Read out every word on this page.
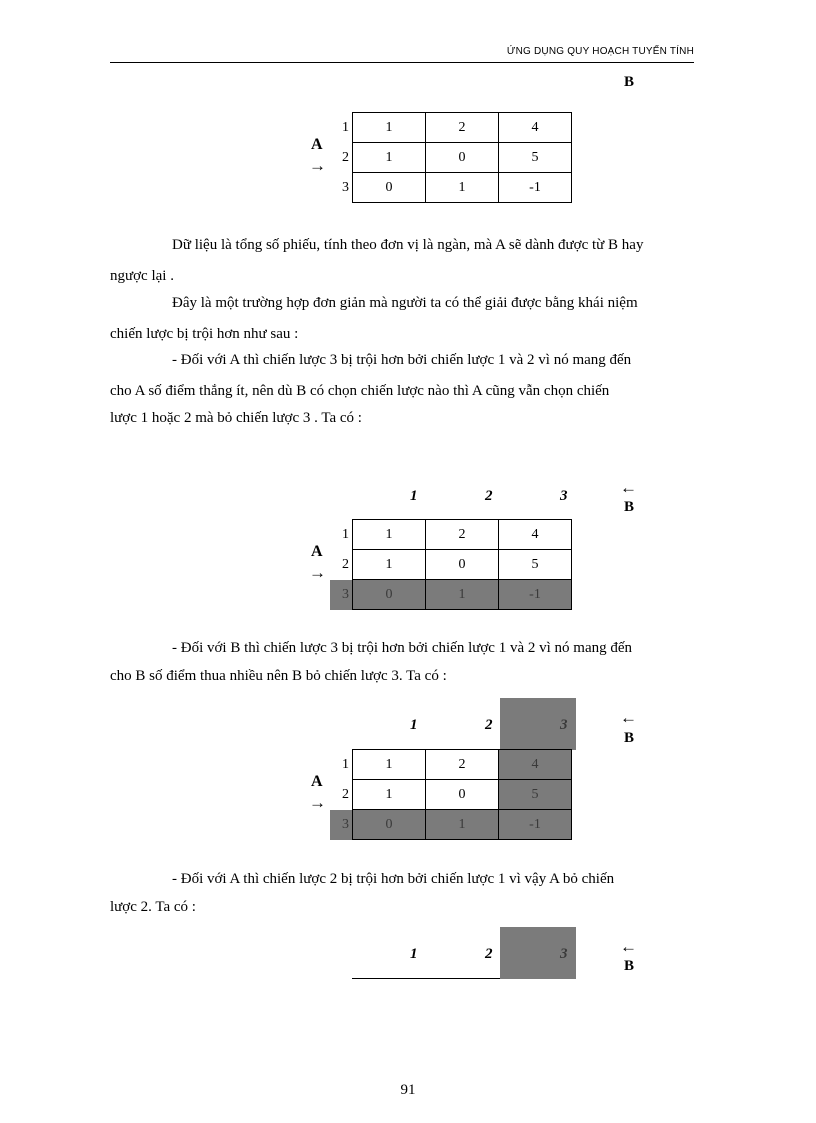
ỨNG DỤNG QUY HOẠCH TUYẾN TÍNH
B
1	1	2	4
2	1	0	5
3	0	1	-1
A
→
Dữ liệu là tổng số phiếu, tính theo đơn vị là ngàn, mà A sẽ dành được từ B hay
ngược lại .
Đây là một trường hợp đơn giản mà người ta có thể giải được bằng khái niệm
chiến lược bị trội hơn như sau :
- Đối với A thì chiến lược 3 bị trội hơn bởi chiến lược 1 và 2 vì nó mang đến
cho A số điểm thắng ít, nên dù B có chọn chiến lược nào thì A cũng vẫn chọn chiến
lược 1 hoặc 2 mà bỏ chiến lược 3 . Ta có :
1	2	3	←
B
1	1	2	4
2	1	0	5
3	0	1	-1
A
→
- Đối với B thì chiến lược 3 bị trội hơn bởi chiến lược 1 và 2 vì nó mang đến
cho B số điểm thua nhiều nên B bỏ chiến lược 3. Ta có :
1	2	3	←
B
1	1	2	4
2	1	0	5
3	0	1	-1
A
→
- Đối với A thì chiến lược 2 bị trội hơn bởi chiến lược 1 vì vậy A bỏ chiến
lược 2. Ta có :
1	2	3	←
B
91
